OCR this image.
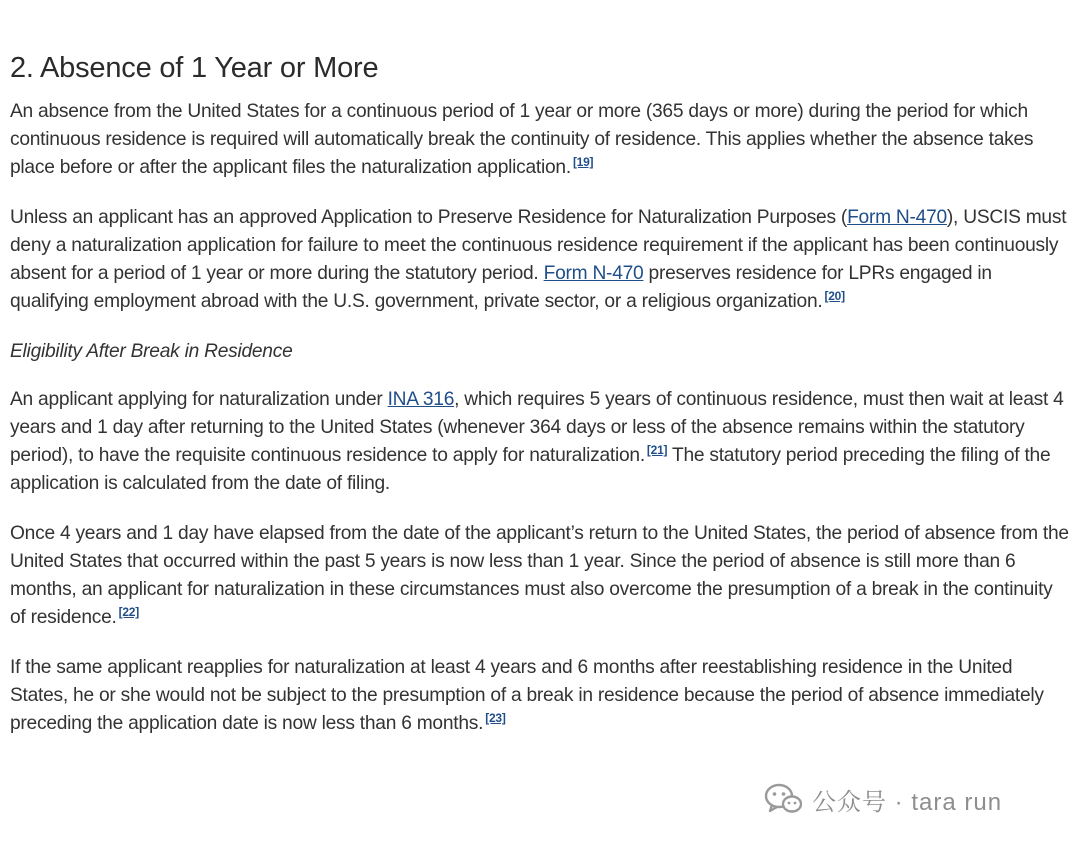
2. Absence of 1 Year or More

An absence from the United States for a continuous period of 1 year or more (365 days or more) during the period for which continuous residence is required will automatically break the continuity of residence. This applies whether the absence takes place before or after the applicant files the naturalization application. [19]

Unless an applicant has an approved Application to Preserve Residence for Naturalization Purposes (Form N-470), USCIS must deny a naturalization application for failure to meet the continuous residence requirement if the applicant has been continuously absent for a period of 1 year or more during the statutory period. Form N-470 preserves residence for LPRs engaged in qualifying employment abroad with the U.S. government, private sector, or a religious organization. [20]

Eligibility After Break in Residence

An applicant applying for naturalization under INA 316, which requires 5 years of continuous residence, must then wait at least 4 years and 1 day after returning to the United States (whenever 364 days or less of the absence remains within the statutory period), to have the requisite continuous residence to apply for naturalization. [21] The statutory period preceding the filing of the application is calculated from the date of filing.

Once 4 years and 1 day have elapsed from the date of the applicant’s return to the United States, the period of absence from the United States that occurred within the past 5 years is now less than 1 year. Since the period of absence is still more than 6 months, an applicant for naturalization in these circumstances must also overcome the presumption of a break in the continuity of residence. [22]

If the same applicant reapplies for naturalization at least 4 years and 6 months after reestablishing residence in the United States, he or she would not be subject to the presumption of a break in residence because the period of absence immediately preceding the application date is now less than 6 months. [23]

公众号 · tara run
